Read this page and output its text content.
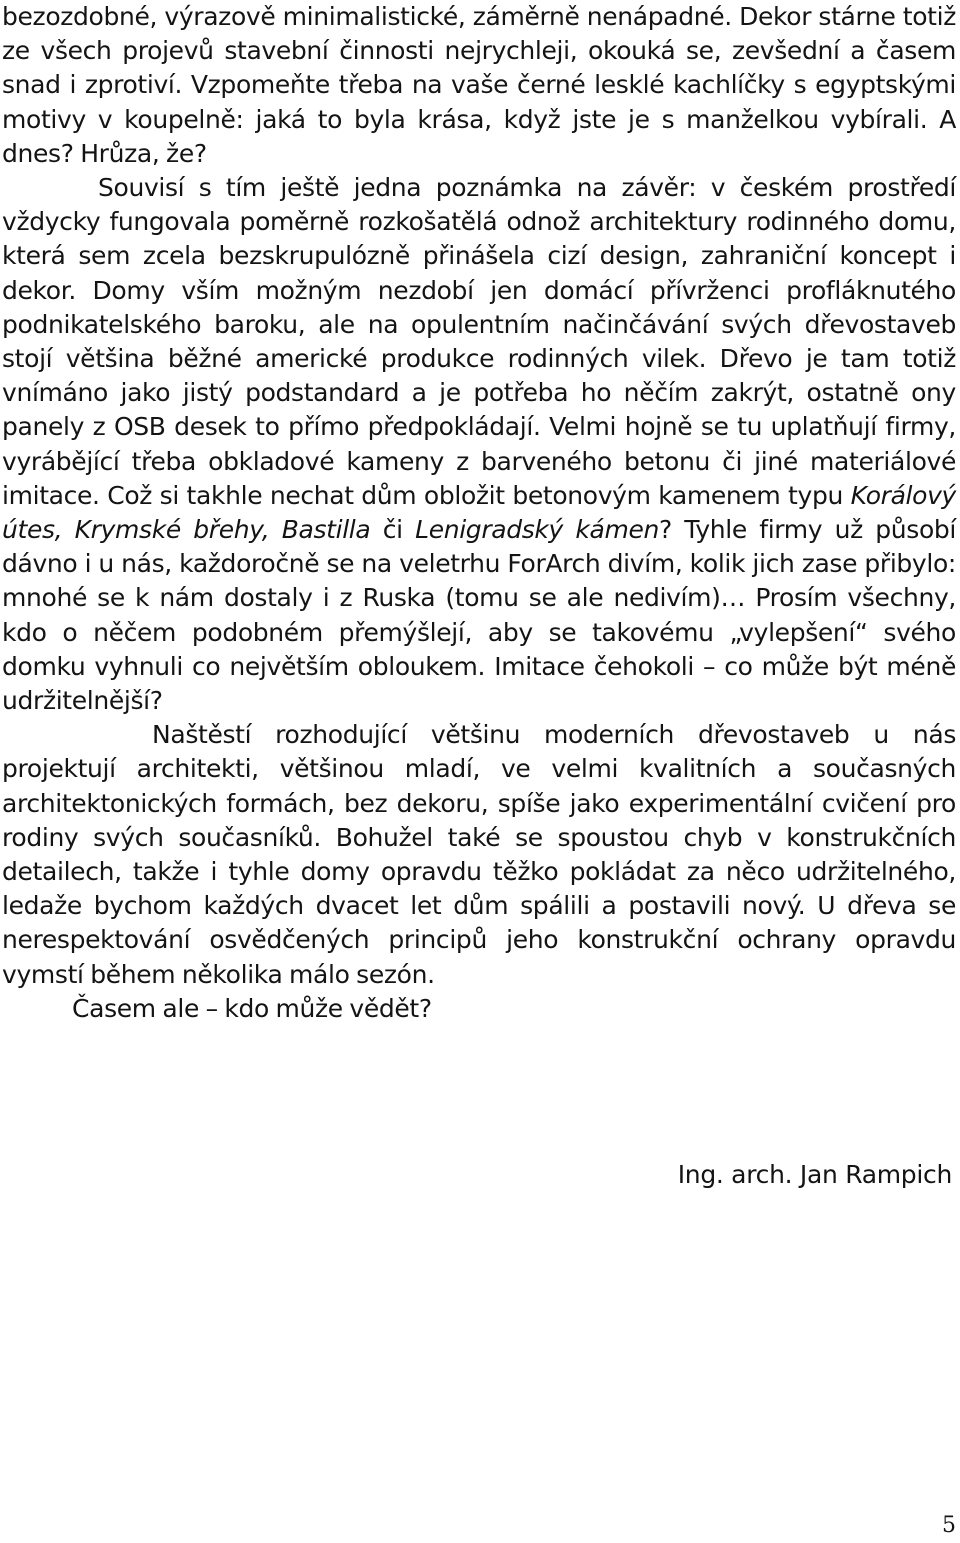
bezozdobné, výrazově minimalistické, záměrně nenápadné. Dekor stárne totiž ze všech projevů stavební činnosti nejrychleji, okouká se, zevšední a časem snad i zprotiví. Vzpomeňte třeba na vaše černé lesklé kachlíčky s egyptskými motivy v koupelně: jaká to byla krása, když jste je s manželkou vybírali. A dnes? Hrůza, že?

Souvisí s tím ještě jedna poznámka na závěr: v českém prostředí vždycky fungovala poměrně rozkošatělá odnož architektury rodinného domu, která sem zcela bezskrupulózně přinášela cizí design, zahraniční koncept i dekor. Domy vším možným nezdobí jen domácí přívrženci profláknutého podnikatelského baroku, ale na opulentním načinčávání svých dřevostaveb stojí většina běžné americké produkce rodinných vilek. Dřevo je tam totiž vnímáno jako jistý podstandard a je potřeba ho něčím zakrýt, ostatně ony panely z OSB desek to přímo předpokládají. Velmi hojně se tu uplatňují firmy, vyrábějící třeba obkladové kameny z barveného betonu či jiné materiálové imitace. Což si takhle nechat dům obložit betonovým kamenem typu Korálový útes, Krymské břehy, Bastilla či Lenigradský kámen? Tyhle firmy už působí dávno i u nás, každoročně se na veletrhu ForArch divím, kolik jich zase přibylo: mnohé se k nám dostaly i z Ruska (tomu se ale nedivím)… Prosím všechny, kdo o něčem podobném přemýšlejí, aby se takovému „vylepšení“ svého domku vyhnuli co největším obloukem. Imitace čehokoli – co může být méně udržitelnější?

Naštěstí rozhodující většinu moderních dřevostaveb u nás projektují architekti, většinou mladí, ve velmi kvalitních a současných architektonických formách, bez dekoru, spíše jako experimentální cvičení pro rodiny svých současníků. Bohužel také se spoustou chyb v konstrukčních detailech, takže i tyhle domy opravdu těžko pokládat za něco udržitelného, ledaže bychom každých dvacet let dům spálili a postavili nový. U dřeva se nerespektování osvědčených principů jeho konstrukční ochrany opravdu vymstí během několika málo sezón.

Časem ale – kdo může vědět?

Ing. arch. Jan Rampich
5
